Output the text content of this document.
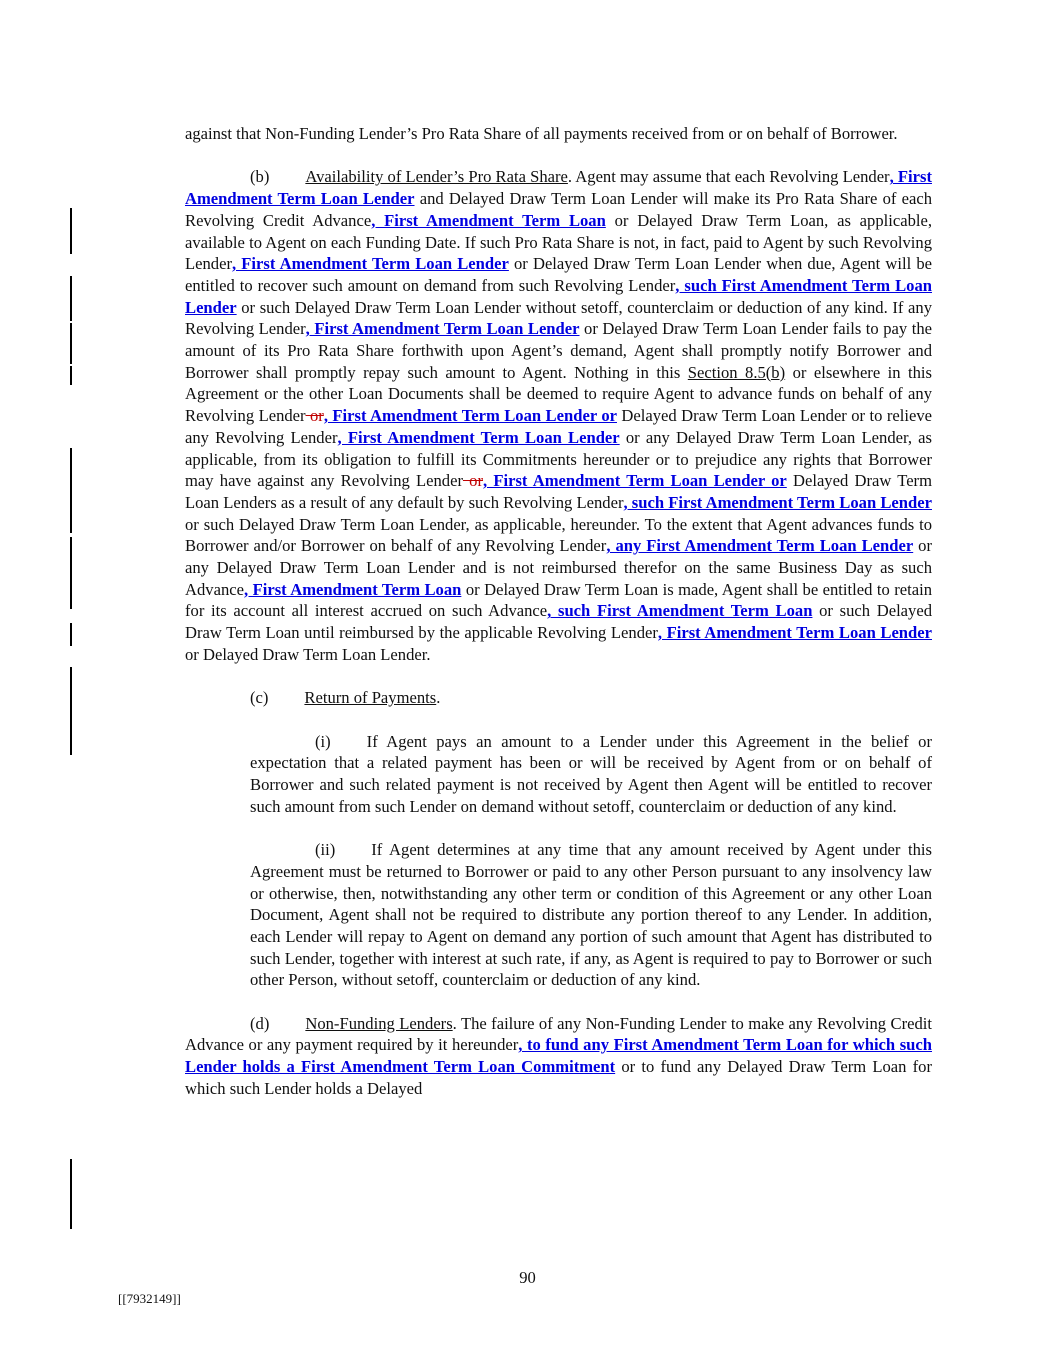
against that Non-Funding Lender’s Pro Rata Share of all payments received from or on behalf of Borrower.

(b) Availability of Lender’s Pro Rata Share. Agent may assume that each Revolving Lender, First Amendment Term Loan Lender and Delayed Draw Term Loan Lender will make its Pro Rata Share of each Revolving Credit Advance, First Amendment Term Loan or Delayed Draw Term Loan, as applicable, available to Agent on each Funding Date. If such Pro Rata Share is not, in fact, paid to Agent by such Revolving Lender, First Amendment Term Loan Lender or Delayed Draw Term Loan Lender when due, Agent will be entitled to recover such amount on demand from such Revolving Lender, such First Amendment Term Loan Lender or such Delayed Draw Term Loan Lender without setoff, counterclaim or deduction of any kind. If any Revolving Lender, First Amendment Term Loan Lender or Delayed Draw Term Loan Lender fails to pay the amount of its Pro Rata Share forthwith upon Agent’s demand, Agent shall promptly notify Borrower and Borrower shall promptly repay such amount to Agent. Nothing in this Section 8.5(b) or elsewhere in this Agreement or the other Loan Documents shall be deemed to require Agent to advance funds on behalf of any Revolving Lender or, First Amendment Term Loan Lender or Delayed Draw Term Loan Lender or to relieve any Revolving Lender, First Amendment Term Loan Lender or any Delayed Draw Term Loan Lender, as applicable, from its obligation to fulfill its Commitments hereunder or to prejudice any rights that Borrower may have against any Revolving Lender or, First Amendment Term Loan Lender or Delayed Draw Term Loan Lenders as a result of any default by such Revolving Lender, such First Amendment Term Loan Lender or such Delayed Draw Term Loan Lender, as applicable, hereunder. To the extent that Agent advances funds to Borrower and/or Borrower on behalf of any Revolving Lender, any First Amendment Term Loan Lender or any Delayed Draw Term Loan Lender and is not reimbursed therefor on the same Business Day as such Advance, First Amendment Term Loan or Delayed Draw Term Loan is made, Agent shall be entitled to retain for its account all interest accrued on such Advance, such First Amendment Term Loan or such Delayed Draw Term Loan until reimbursed by the applicable Revolving Lender, First Amendment Term Loan Lender or Delayed Draw Term Loan Lender.

(c) Return of Payments.

(i) If Agent pays an amount to a Lender under this Agreement in the belief or expectation that a related payment has been or will be received by Agent from or on behalf of Borrower and such related payment is not received by Agent then Agent will be entitled to recover such amount from such Lender on demand without setoff, counterclaim or deduction of any kind.

(ii) If Agent determines at any time that any amount received by Agent under this Agreement must be returned to Borrower or paid to any other Person pursuant to any insolvency law or otherwise, then, notwithstanding any other term or condition of this Agreement or any other Loan Document, Agent shall not be required to distribute any portion thereof to any Lender. In addition, each Lender will repay to Agent on demand any portion of such amount that Agent has distributed to such Lender, together with interest at such rate, if any, as Agent is required to pay to Borrower or such other Person, without setoff, counterclaim or deduction of any kind.

(d) Non-Funding Lenders. The failure of any Non-Funding Lender to make any Revolving Credit Advance or any payment required by it hereunder, to fund any First Amendment Term Loan for which such Lender holds a First Amendment Term Loan Commitment or to fund any Delayed Draw Term Loan for which such Lender holds a Delayed

90
[[7932149]]
